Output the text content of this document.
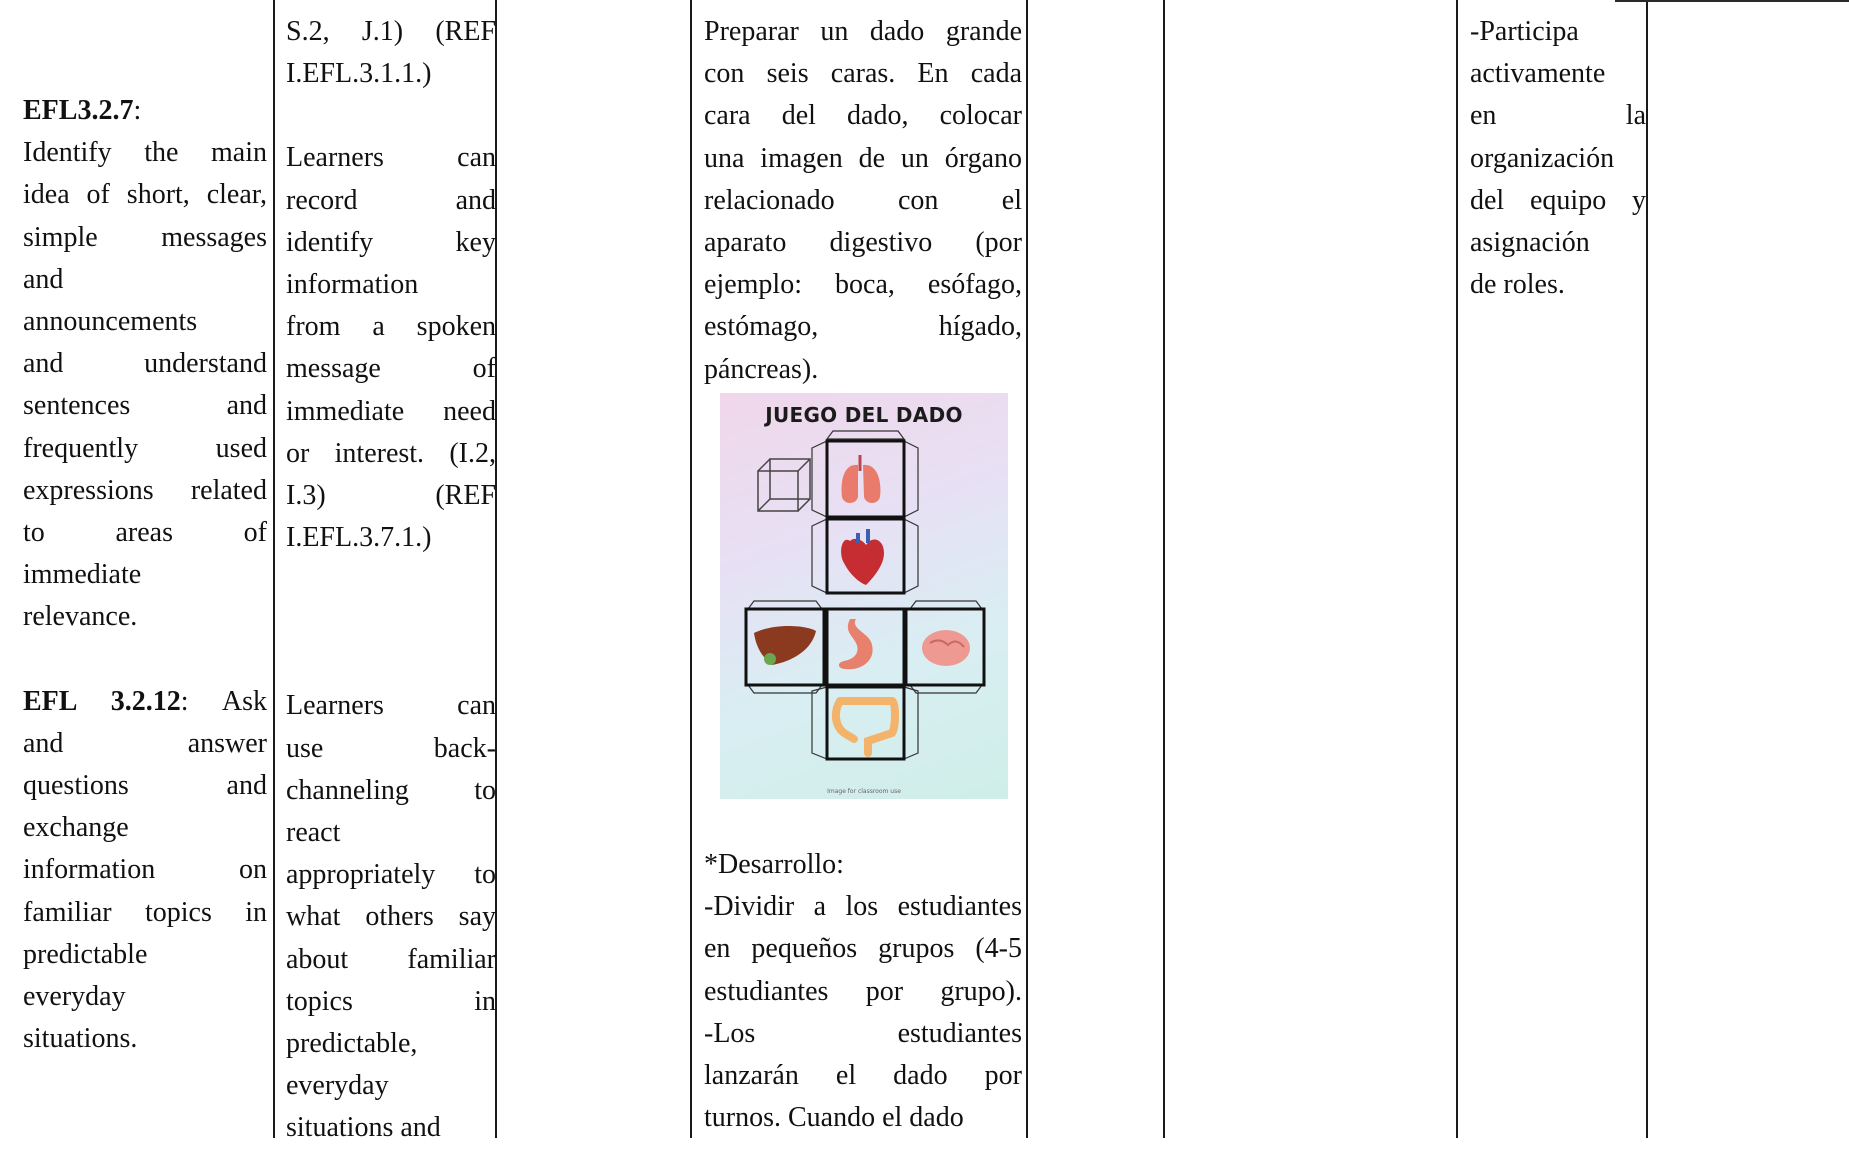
EFL3.2.7:

Identify the main

idea of short, clear,

simple messages

and

announcements

and understand

sentences and

frequently used

expressions related

to areas of

immediate

relevance.

EFL 3.2.12: Ask

and answer

questions and

exchange

information on

familiar topics in

predictable

everyday

situations.

S.2, J.1) (REF

I.EFL.3.1.1.)

Learners can

record and

identify key

information

from a spoken

message of

immediate need

or interest. (I.2,

I.3) (REF

I.EFL.3.7.1.)

Learners can

use back-

channeling to

react

appropriately to

what others say

about familiar

topics in

predictable,

everyday

situations and

Preparar un dado grande

con seis caras. En cada

cara del dado, colocar

una imagen de un órgano

relacionado con el

aparato digestivo (por

ejemplo: boca, esófago,

estómago, hígado,

páncreas).

JUEGO DEL DADO
Image for classroom use

*Desarrollo:

-Dividir a los estudiantes

en pequeños grupos (4-5

estudiantes por grupo).

-Los estudiantes

lanzarán el dado por

turnos. Cuando el dado

-Participa

activamente

en la

organización

del equipo y

asignación

de roles.
